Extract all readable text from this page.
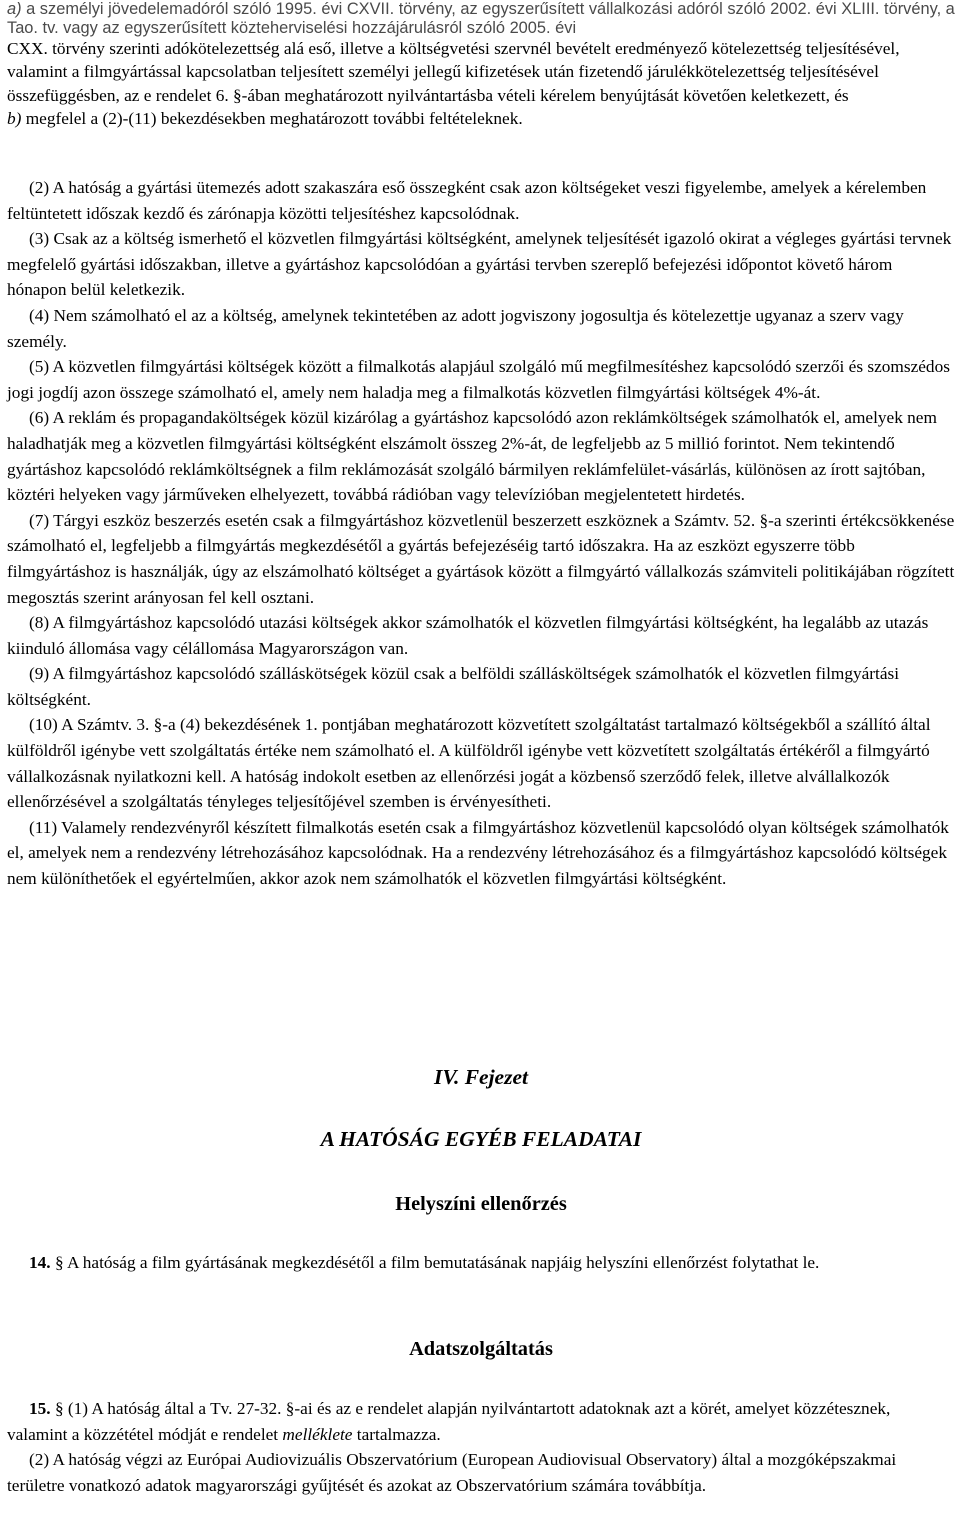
a) a személyi jövedelemadóról szóló 1995. évi CXVII. törvény, az egyszerűsített vállalkozási adóról szóló 2002. évi XLIII. törvény, a Tao. tv. vagy az egyszerűsített közteherviselési hozzájárulásról szóló 2005. évi

CXX. törvény szerinti adókötelezettség alá eső, illetve a költségvetési szervnél bevételt eredményező kötelezettség teljesítésével, valamint a filmgyártással kapcsolatban teljesített személyi jellegű kifizetések után fizetendő járulékkötelezettség teljesítésével összefüggésben, az e rendelet 6. §-ában meghatározott nyilvántartásba vételi kérelem benyújtását követően keletkezett, és

b) megfelel a (2)-(11) bekezdésekben meghatározott további feltételeknek.

(2) A hatóság a gyártási ütemezés adott szakaszára eső összegként csak azon költségeket veszi figyelembe, amelyek a kérelemben feltüntetett időszak kezdő és zárónapja közötti teljesítéshez kapcsolódnak.

(3) Csak az a költség ismerhető el közvetlen filmgyártási költségként, amelynek teljesítését igazoló okirat a végleges gyártási tervnek megfelelő gyártási időszakban, illetve a gyártáshoz kapcsolódóan a gyártási tervben szereplő befejezési időpontot követő három hónapon belül keletkezik.

(4) Nem számolható el az a költség, amelynek tekintetében az adott jogviszony jogosultja és kötelezettje ugyanaz a szerv vagy személy.

(5) A közvetlen filmgyártási költségek között a filmalkotás alapjául szolgáló mű megfilmesítéshez kapcsolódó szerzői és szomszédos jogi jogdíj azon összege számolható el, amely nem haladja meg a filmalkotás közvetlen filmgyártási költségek 4%-át.

(6) A reklám és propagandaköltségek közül kizárólag a gyártáshoz kapcsolódó azon reklámköltségek számolhatók el, amelyek nem haladhatják meg a közvetlen filmgyártási költségként elszámolt összeg 2%-át, de legfeljebb az 5 millió forintot. Nem tekintendő gyártáshoz kapcsolódó reklámköltségnek a film reklámozását szolgáló bármilyen reklámfelület-vásárlás, különösen az írott sajtóban, köztéri helyeken vagy járműveken elhelyezett, továbbá rádióban vagy televízióban megjelentetett hirdetés.

(7) Tárgyi eszköz beszerzés esetén csak a filmgyártáshoz közvetlenül beszerzett eszköznek a Számtv. 52. §-a szerinti értékcsökkenése számolható el, legfeljebb a filmgyártás megkezdésétől a gyártás befejezéséig tartó időszakra. Ha az eszközt egyszerre több filmgyártáshoz is használják, úgy az elszámolható költséget a gyártások között a filmgyártó vállalkozás számviteli politikájában rögzített megosztás szerint arányosan fel kell osztani.

(8) A filmgyártáshoz kapcsolódó utazási költségek akkor számolhatók el közvetlen filmgyártási költségként, ha legalább az utazás kiinduló állomása vagy célállomása Magyarországon van.

(9) A filmgyártáshoz kapcsolódó szálláskötségek közül csak a belföldi szállásköltségek számolhatók el közvetlen filmgyártási költségként.

(10) A Számtv. 3. §-a (4) bekezdésének 1. pontjában meghatározott közvetített szolgáltatást tartalmazó költségekből a szállító által külföldről igénybe vett szolgáltatás értéke nem számolható el. A külföldről igénybe vett közvetített szolgáltatás értékéről a filmgyártó vállalkozásnak nyilatkozni kell. A hatóság indokolt esetben az ellenőrzési jogát a közbenső szerződő felek, illetve alvállalkozók ellenőrzésével a szolgáltatás tényleges teljesítőjével szemben is érvényesítheti.

(11) Valamely rendezvényről készített filmalkotás esetén csak a filmgyártáshoz közvetlenül kapcsolódó olyan költségek számolhatók el, amelyek nem a rendezvény létrehozásához kapcsolódnak. Ha a rendezvény létrehozásához és a filmgyártáshoz kapcsolódó költségek nem különíthetőek el egyértelműen, akkor azok nem számolhatók el közvetlen filmgyártási költségként.

IV. Fejezet
A HATÓSÁG EGYÉB FELADATAI
Helyszíni ellenőrzés

14. § A hatóság a film gyártásának megkezdésétől a film bemutatásának napjáig helyszíni ellenőrzést folytathat le.

Adatszolgáltatás

15. § (1) A hatóság által a Tv. 27-32. §-ai és az e rendelet alapján nyilvántartott adatoknak azt a körét, amelyet közzétesznek, valamint a közzététel módját e rendelet melléklete tartalmazza.

(2) A hatóság végzi az Európai Audiovizuális Obszervatórium (European Audiovisual Observatory) által a mozgóképszakmai területre vonatkozó adatok magyarországi gyűjtését és azokat az Obszervatórium számára továbbítja.
